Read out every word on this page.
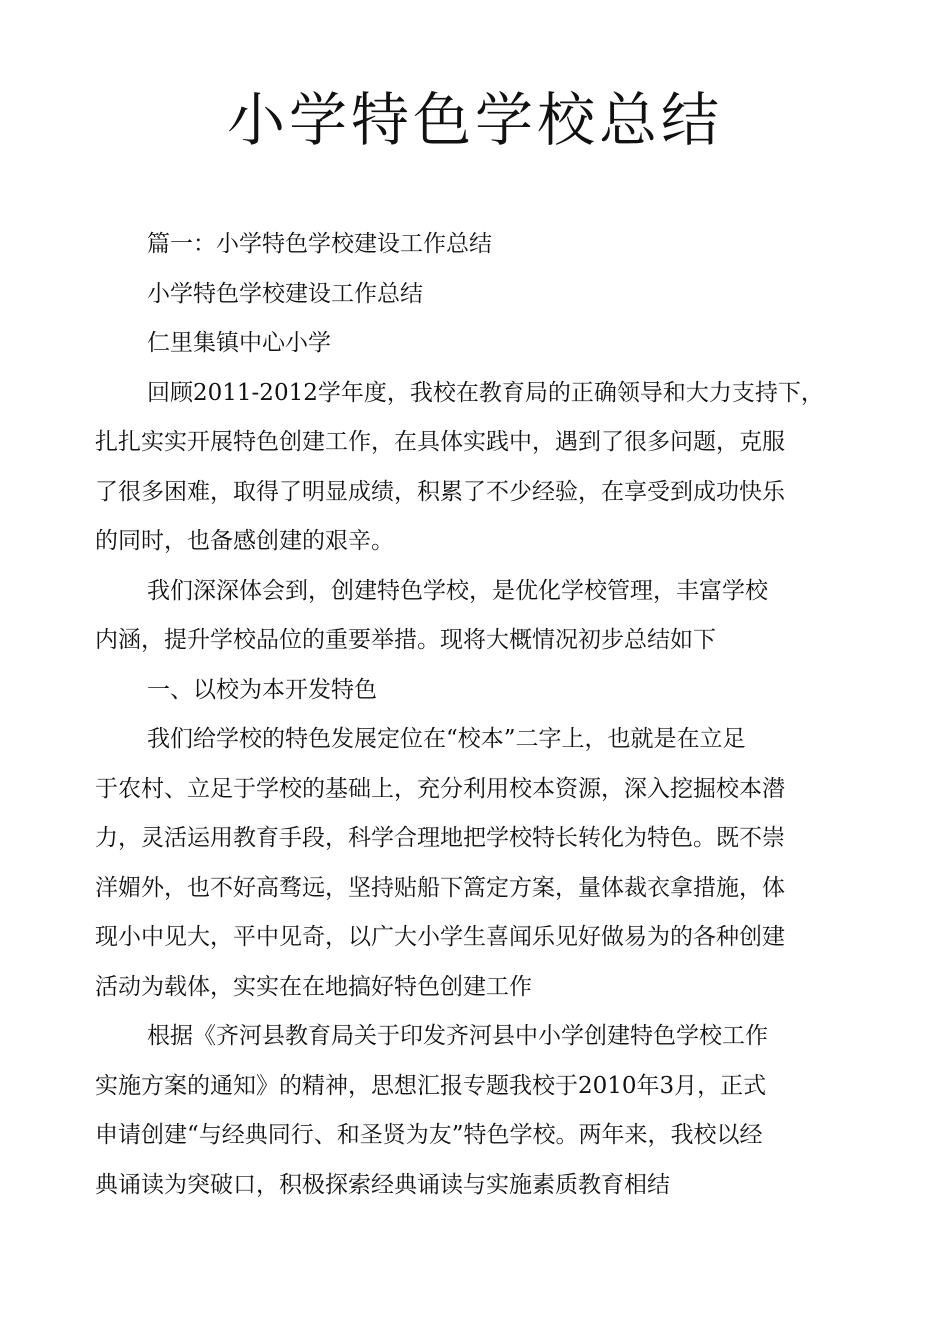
小学特色学校总结
篇一：小学特色学校建设工作总结
小学特色学校建设工作总结
仁里集镇中心小学
回顾2011-2012学年度，我校在教育局的正确领导和大力支持下，
扎扎实实开展特色创建工作，在具体实践中，遇到了很多问题，克服
了很多困难，取得了明显成绩，积累了不少经验，在享受到成功快乐
的同时，也备感创建的艰辛。
我们深深体会到，创建特色学校，是优化学校管理，丰富学校
内涵，提升学校品位的重要举措。现将大概情况初步总结如下
一、以校为本开发特色
我们给学校的特色发展定位在“校本”二字上，也就是在立足
于农村、立足于学校的基础上，充分利用校本资源，深入挖掘校本潜
力，灵活运用教育手段，科学合理地把学校特长转化为特色。既不崇
洋媚外，也不好高骛远，坚持贴船下篙定方案，量体裁衣拿措施，体
现小中见大，平中见奇，以广大小学生喜闻乐见好做易为的各种创建
活动为载体，实实在在地搞好特色创建工作
根据《齐河县教育局关于印发齐河县中小学创建特色学校工作
实施方案的通知》的精神，思想汇报专题我校于2010年3月，正式
申请创建“与经典同行、和圣贤为友”特色学校。两年来，我校以经
典诵读为突破口，积极探索经典诵读与实施素质教育相结
